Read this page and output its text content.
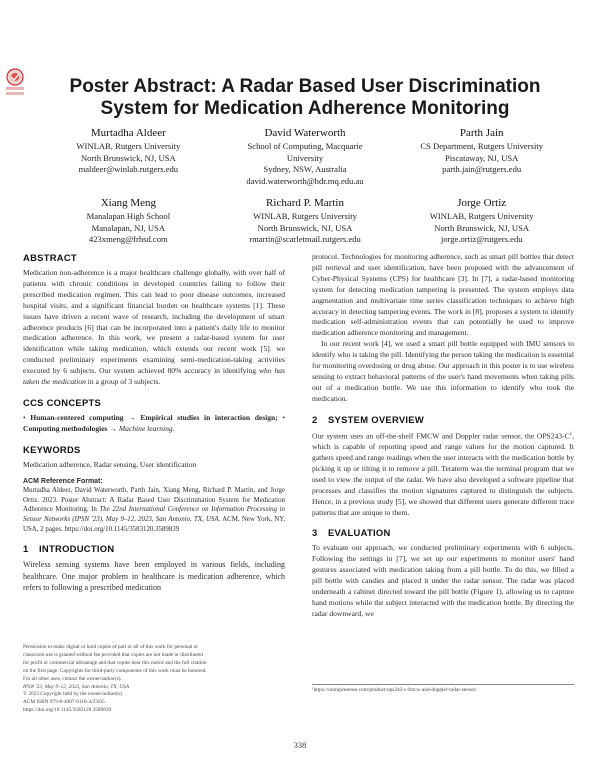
Poster Abstract: A Radar Based User Discrimination System for Medication Adherence Monitoring
Murtadha Aldeer
WINLAB, Rutgers University
North Brunswick, NJ, USA
maldeer@winlab.rutgers.edu
David Waterworth
School of Computing, Macquarie
University
Sydney, NSW, Australia
david.waterworth@hdr.mq.edu.au
Parth Jain
CS Department, Rutgers University
Piscataway, NJ, USA
parth.jain@rutgers.edu
Xiang Meng
Manalapan High School
Manalapan, NJ, USA
423xmeng@frhsd.com
Richard P. Martin
WINLAB, Rutgers University
North Brunswick, NJ, USA
rmartin@scarletmail.rutgers.edu
Jorge Ortiz
WINLAB, Rutgers University
North Brunswick, NJ, USA
jorge.ortiz@rutgers.edu
ABSTRACT

Medication non-adherence is a major healthcare challenge globally, with over half of patients with chronic conditions in developed countries failing to follow their prescribed medication regimen. This can lead to poor disease outcomes, increased hospital visits, and a significant financial burden on healthcare systems [1]. These issues have driven a recent wave of research, including the development of smart adherence products [6] that can be incorporated into a patient's daily life to monitor medication adherence. In this work, we present a radar-based system for user identification while taking medication, which extends our recent work [5]. we conducted preliminary experiments examining semi-medication-taking activities executed by 6 subjects. Our system achieved 80% accuracy in identifying who has taken the medication in a group of 3 subjects.

CCS CONCEPTS

• Human-centered computing → Empirical studies in interaction design; • Computing methodologies → Machine learning.

KEYWORDS

Medication adherence, Radar sensing, User identification

ACM Reference Format:
Murtadha Aldeer, David Waterworth, Parth Jain, Xiang Meng, Richard P. Martin, and Jorge Ortiz. 2023. Poster Abstract: A Radar Based User Discrimination System for Medication Adherence Monitoring. In The 22nd International Conference on Information Processing in Sensor Networks (IPSN '23), May 9–12, 2023, San Antonio, TX, USA. ACM, New York, NY, USA, 2 pages. https://doi.org/10.1145/3583120.3589839

1 INTRODUCTION

Wireless sensing systems have been employed in various fields, including healthcare. One major problem in healthcare is medication adherence, which refers to following a prescribed medication

Permission to make digital or hard copies of part or all of this work for personal or

classroom use is granted without fee provided that copies are not made or distributed

for profit or commercial advantage and that copies bear this notice and the full citation

on the first page. Copyrights for third-party components of this work must be honored.

For all other uses, contact the owner/author(s).

IPSN '23, May 9–12, 2023, San Antonio, TX, USA

© 2023 Copyright held by the owner/author(s).

ACM ISBN 979-8-4007-0118-4/23/05.

https://doi.org/10.1145/3583120.3589839

protocol. Technologies for monitoring adherence, such as smart pill bottles that detect pill retrieval and user identification, have been proposed with the advancement of Cyber-Physical Systems (CPS) for healthcare [3]. In [7], a radar-based monitoring system for detecting medication tampering is presented. The system employs data augmentation and multivariate time series classification techniques to achieve high accuracy in detecting tampering events. The work in [8], proposes a system to identify medication self-administration events that can potentially be used to improve medication adherence monitoring and management.

In our recent work [4], we used a smart pill bottle equipped with IMU sensors to identify who is taking the pill. Identifying the person taking the medication is essential for monitoring overdosing or drug abuse. Our approach in this poster is to use wireless sensing to extract behavioral patterns of the user's hand movements when taking pills out of a medication bottle. We use this information to identify who took the medication.

2 SYSTEM OVERVIEW

Our system uses an off-the-shelf FMCW and Doppler radar sensor, the $OPS243-C^1$, which is capable of reporting speed and range values for the motion captured. It gathers speed and range readings when the user interacts with the medication bottle by picking it up or tilting it to remove a pill. Teraterm was the terminal program that we used to view the output of the radar. We have also developed a software pipeline that processes and classifies the motion signatures captured to distinguish the subjects. Hence, in a previous study [5], we showed that different users generate different trace patterns that are unique to them.

3 EVALUATION

To evaluate our approach, we conducted preliminary experiments with 6 subjects. Following the settings in [7], we set up our experiments to monitor users' hand gestures associated with medication taking from a pill bottle. To do this, we filled a pill bottle with candies and placed it under the radar sensor. The radar was placed underneath a cabinet directed toward the pill bottle (Figure 1), allowing us to capture hand motions while the subject interacted with the medication bottle. By directing the radar downward, we

¹https://omnipresense.com/product/ops243-c-fmcw-and-doppler-radar-sensor/
338
